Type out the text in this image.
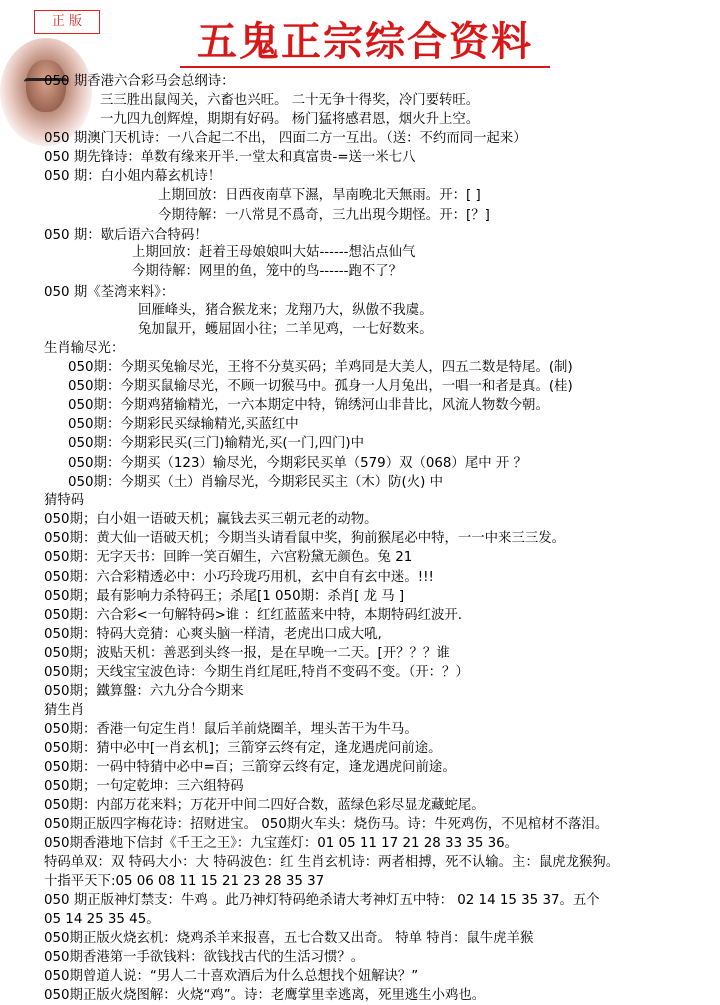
正 版	五鬼正宗综合资料
050 期香港六合彩马会总纲诗：
三三胜出鼠闯关，六畜也兴旺。 二十无争十得奖，冷门要转旺。
一九四九创辉煌，期期有好码。 杨门猛将感君恩，烟火升上空。
050 期澳门天机诗：一八合起二不出， 四面二方一互出。（送：不约而同一起来）
050 期先锋诗：单数有缘来开半.一堂太和真富贵-=送一米七八
050 期：白小姐内幕玄机诗！
上期回放：日西夜南草下濕，旱南晚北天無雨。开：[ ]
今期待解：一八常見不爲奇，三九出現今期怪。开：[？]
050 期：歇后语六合特码！
上期回放：赶着王母娘娘叫大姑------想沾点仙气
今期待解：网里的鱼，笼中的鸟------跑不了？
050 期《荃湾来料》：
回雁峰头，猪合猴龙来；龙翔乃大，纵傲不我虞。
兔加鼠开，蠖屈固小往；二羊见鸡，一七好数来。
生肖输尽光：
050期：今期买兔输尽光，王将不分莫买码；羊鸡同是大美人，四五二数是特尾。(制)
050期：今期买鼠输尽光，不顾一切猴马中。孤身一人月兔出，一唱一和者是真。(桂)
050期：今期鸡猪输精光，一六本期定中特，锦绣河山非昔比，风流人物数今朝。
050期：今期彩民买绿输精光,买蓝红中
050期：今期彩民买(三门)输精光,买(一门,四门)中
050期：今期买（123）输尽光，今期彩民买单（579）双（068）尾中 开 ？
050期：今期买（土）肖输尽光，今期彩民买主（木）防(火) 中
猜特码
050期；白小姐一语破天机；赢钱去买三朝元老的动物。
050期：黄大仙一语破天机；今期当头请看鼠中奖，狗前猴尾必中特，一一中来三三发。
050期：无字天书：回眸一笑百媚生，六宫粉黛无颜色。兔 21
050期：六合彩精透必中：小巧玲珑巧用机，玄中自有玄中迷。!!!
050期；最有影响力杀特码王；杀尾[1 050期：杀肖[ 龙 马 ]
050期：六合彩<一句解特码>谁 ：红红蓝蓝来中特，本期特码红波开.
050期：特码大竞猜：心爽头脑一样清，老虎出口成大吼,
050期；波贴天机：善恶到头终一报，是在早晚一二天。[开？？？谁
050期；天线宝宝波色诗：今期生肖红尾旺,特肖不变码不变。（开：？）
050期；鐵算盤：六九分合今期来
猜生肖
050期：香港一句定生肖！鼠后羊前烧圈羊，埋头苦干为牛马。
050期：猜中必中[一肖玄机]；三箭穿云终有定，逢龙遇虎问前途。
050期：一码中特猜中必中=百；三箭穿云终有定，逢龙遇虎问前途。
050期；一句定乾坤：三六组特码
050期：内部万花来料；万花开中间二四好合数，蓝绿色彩尽显龙藏蛇尾。
050期正版四字梅花诗：招财进宝。 050期火车头：烧伤马。诗：牛死鸡伤，不见棺材不落泪。
050期香港地下信封《千王之王》：九宝莲灯：01 05 11 17 21 28 33 35 36。
特码单双：双 特码大小：大 特码波色：红 生肖玄机诗：两者相搏，死不认输。主：鼠虎龙猴狗。
十指平天下:05 06 08 11 15 21 23 28 35 37
050 期正版神灯禁支：牛鸡 。此乃神灯特码绝杀请大考神灯五中特： 02 14 15 35 37。五个
05 14 25 35 45。
050期正版火烧玄机：烧鸡杀羊来报喜，五七合数又出奇。 特单 特肖：鼠牛虎羊猴
050期香港第一手欲钱料：欲钱找古代的生活习惯？。
050期曾道人说：“男人二十喜欢酒后为什么总想找个妞解诀？”
050期正版火烧图解：火烧“鸡”。诗：老鹰掌里幸逃离，死里逃生小鸡也。
